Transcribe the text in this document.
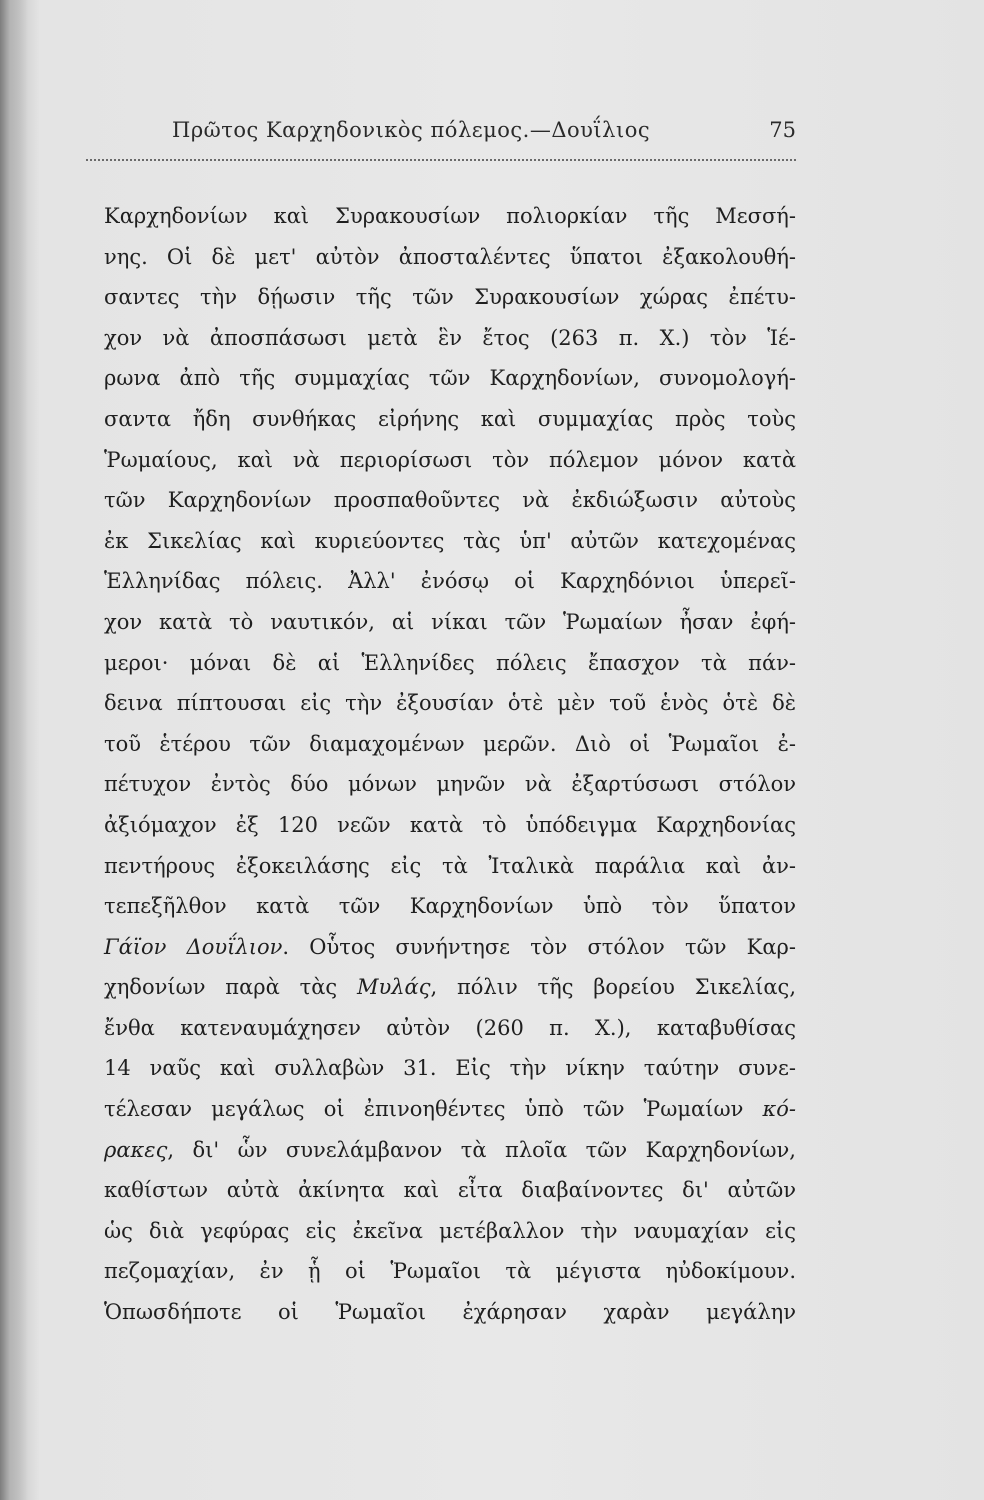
Πρῶτος Καρχηδονικὸς πόλεμος.—Δουΐλιος	75
Καρχηδονίων καὶ Συρακουσίων πολιορκίαν τῆς Μεσσή-
νης. Οἱ δὲ μετ' αὐτὸν ἀποσταλέντες ὕπατοι ἐξακολουθή-
σαντες τὴν δῄωσιν τῆς τῶν Συρακουσίων χώρας ἐπέτυ-
χον νὰ ἀποσπάσωσι μετὰ ἓν ἔτος (263 π. Χ.) τὸν Ἱέ-
ρωνα ἀπὸ τῆς συμμαχίας τῶν Καρχηδονίων, συνομολογή-
σαντα ἤδη συνθήκας εἰρήνης καὶ συμμαχίας πρὸς τοὺς
Ῥωμαίους, καὶ νὰ περιορίσωσι τὸν πόλεμον μόνον κατὰ
τῶν Καρχηδονίων προσπαθοῦντες νὰ ἐκδιώξωσιν αὐτοὺς
ἐκ Σικελίας καὶ κυριεύοντες τὰς ὑπ' αὐτῶν κατεχομένας
Ἑλληνίδας πόλεις. Ἀλλ' ἐνόσῳ οἱ Καρχηδόνιοι ὑπερεῖ-
χον κατὰ τὸ ναυτικόν, αἱ νίκαι τῶν Ῥωμαίων ἦσαν ἐφή-
μεροι· μόναι δὲ αἱ Ἑλληνίδες πόλεις ἔπασχον τὰ πάν-
δεινα πίπτουσαι εἰς τὴν ἐξουσίαν ὁτὲ μὲν τοῦ ἑνὸς ὁτὲ δὲ
τοῦ ἑτέρου τῶν διαμαχομένων μερῶν. Διὸ οἱ Ῥωμαῖοι ἐ-
πέτυχον ἐντὸς δύο μόνων μηνῶν νὰ ἐξαρτύσωσι στόλον
ἀξιόμαχον ἐξ 120 νεῶν κατὰ τὸ ὑπόδειγμα Καρχηδονίας
πεντήρους ἐξοκειλάσης εἰς τὰ Ἰταλικὰ παράλια καὶ ἀν-
τεπεξῆλθον κατὰ τῶν Καρχηδονίων ὑπὸ τὸν ὕπατον
Γάϊον Δουΐλιον. Οὗτος συνήντησε τὸν στόλον τῶν Καρ-
χηδονίων παρὰ τὰς Μυλάς, πόλιν τῆς βορείου Σικελίας,
ἔνθα κατεναυμάχησεν αὐτὸν (260 π. Χ.), καταβυθίσας
14 ναῦς καὶ συλλαβὼν 31. Εἰς τὴν νίκην ταύτην συνε-
τέλεσαν μεγάλως οἱ ἐπινοηθέντες ὑπὸ τῶν Ῥωμαίων κό-
ρακες, δι' ὧν συνελάμβανον τὰ πλοῖα τῶν Καρχηδονίων,
καθίστων αὐτὰ ἀκίνητα καὶ εἶτα διαβαίνοντες δι' αὐτῶν
ὡς διὰ γεφύρας εἰς ἐκεῖνα μετέβαλλον τὴν ναυμαχίαν εἰς
πεζομαχίαν, ἐν ᾗ οἱ Ῥωμαῖοι τὰ μέγιστα ηὐδοκίμουν.
Ὁπωσδήποτε οἱ Ῥωμαῖοι ἐχάρησαν χαρὰν μεγάλην
